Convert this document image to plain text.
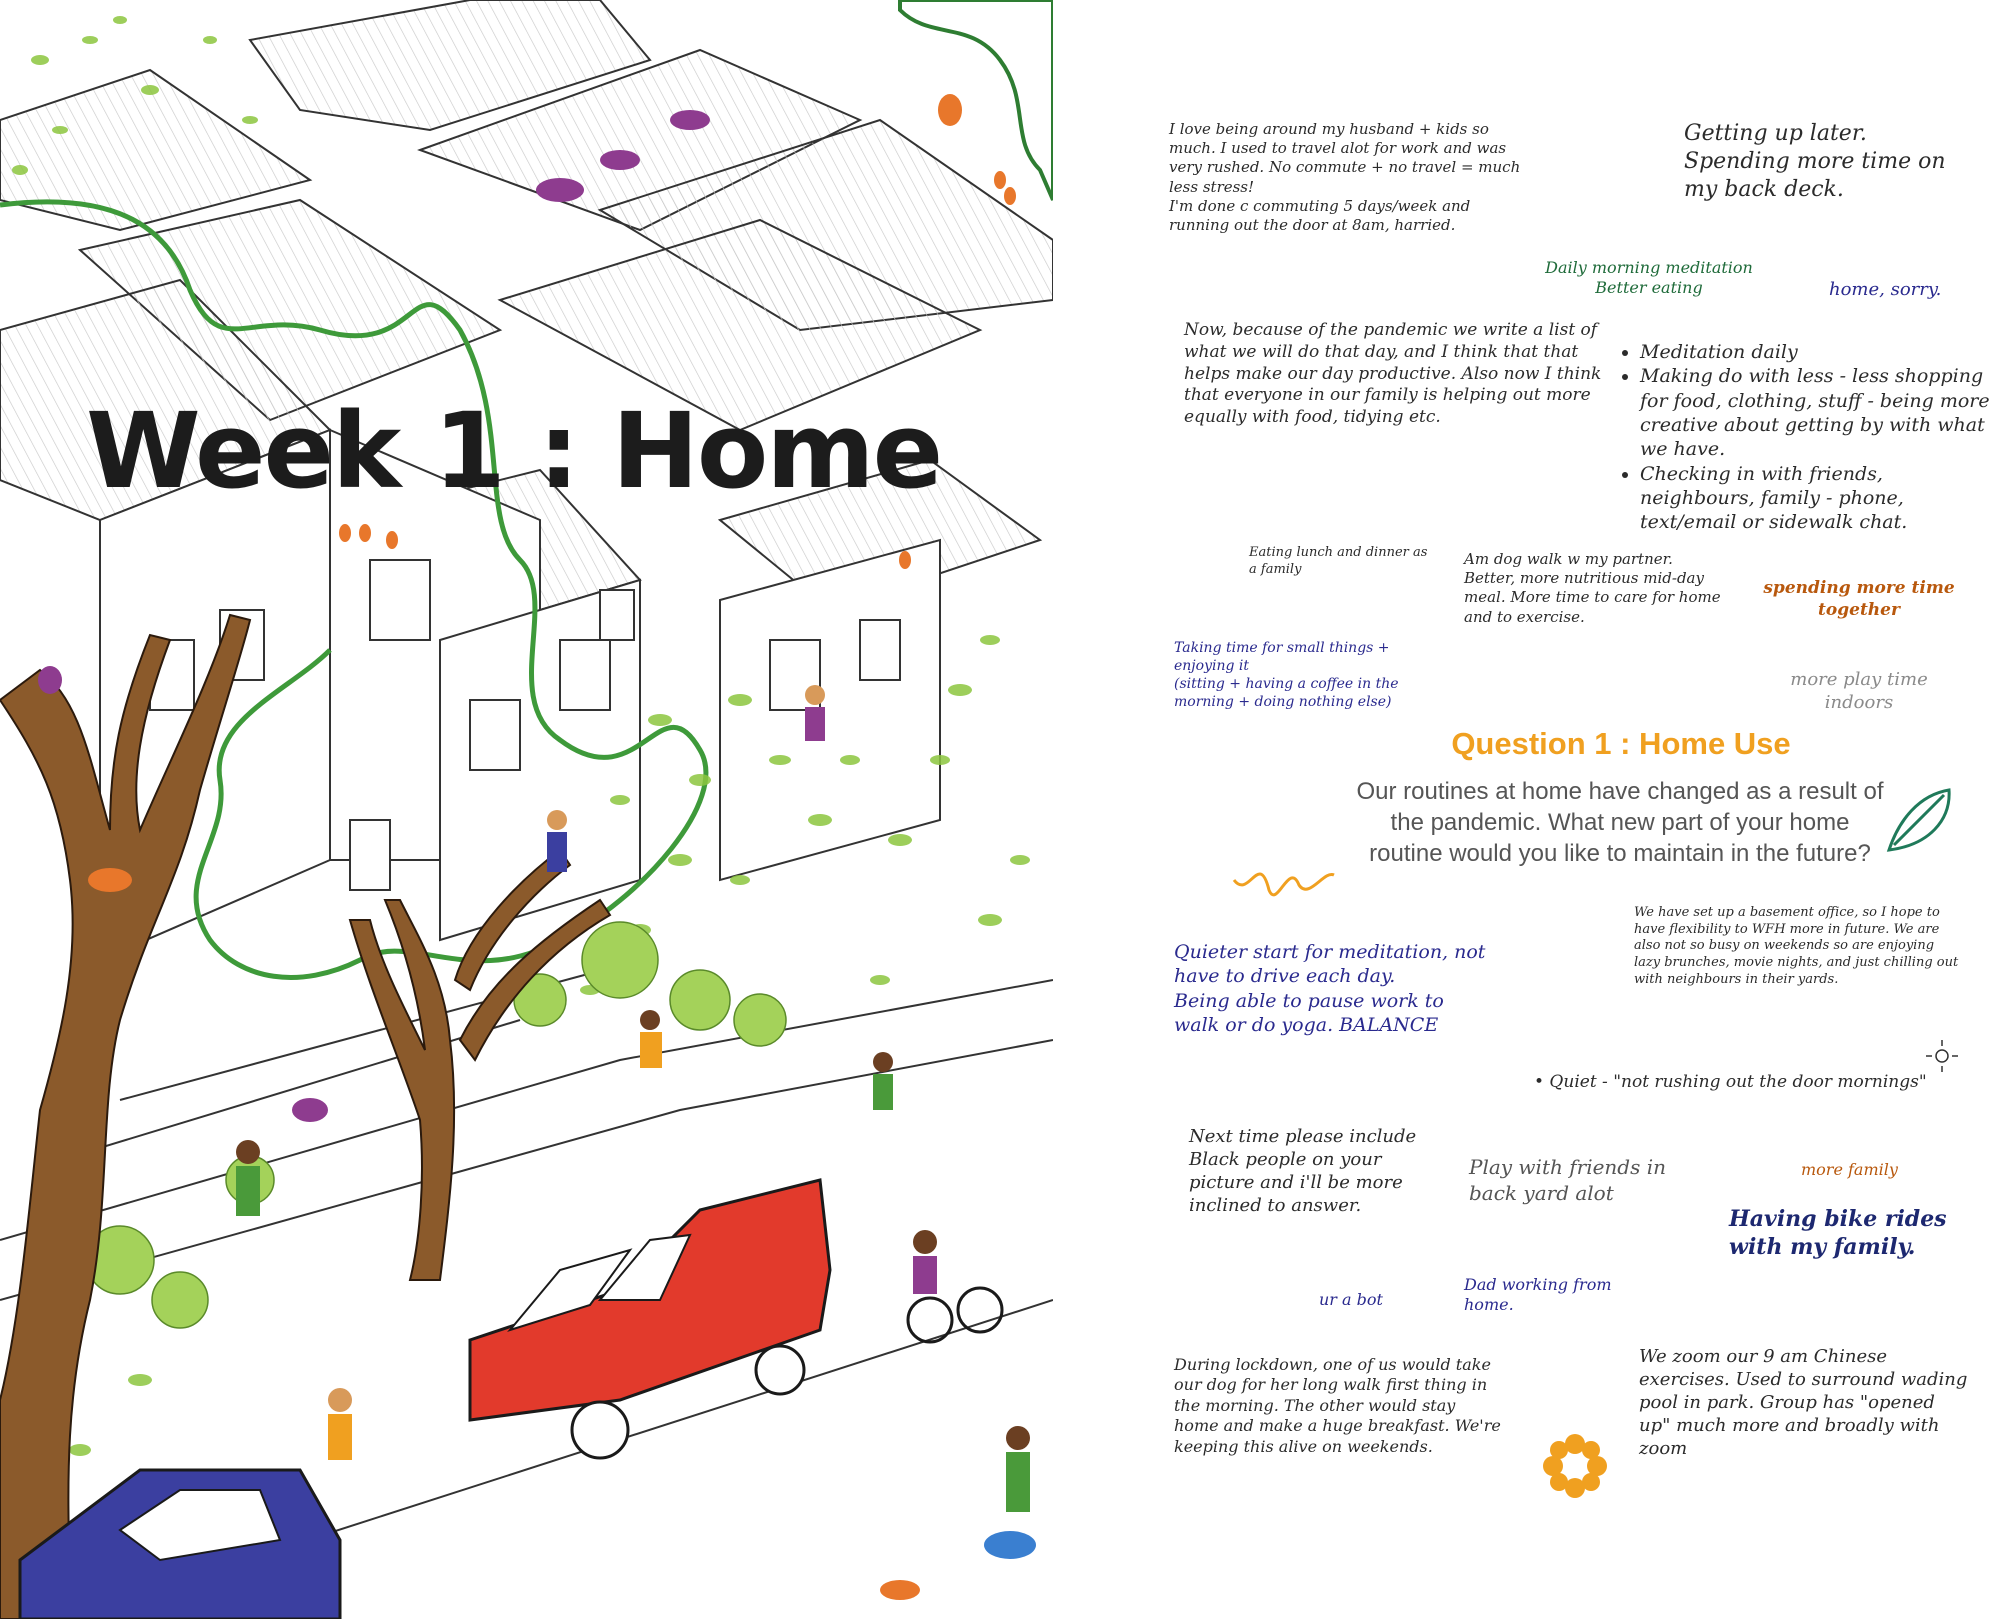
Week 1 : Home

I love being around my husband + kids so much. I used to travel alot for work and was very rushed. No commute + no travel = much less stress!
I'm done c commuting 5 days/week and running out the door at 8am, harried.

Getting up later.
Spending more time on my back deck.

Daily morning meditation
Better eating	home, sorry.

Now, because of the pandemic we write a list of what we will do that day, and I think that that helps make our day productive. Also now I think that everyone in our family is helping out more equally with food, tidying etc.

• Meditation daily
• Making do with less - less shopping for food, clothing, stuff - being more creative about getting by with what we have.
• Checking in with friends, neighbours, family - phone, text/email or sidewalk chat.

Eating lunch and dinner as a family

Am dog walk w my partner.
Better, more nutritious mid-day meal. More time to care for home and to exercise.

spending more time together

Taking time for small things + enjoying it
(sitting + having a coffee in the morning + doing nothing else)

more play time indoors

Question 1 : Home Use

Our routines at home have changed as a result of the pandemic. What new part of your home routine would you like to maintain in the future?

Quieter start for meditation, not have to drive each day.
Being able to pause work to walk or do yoga. BALANCE

We have set up a basement office, so I hope to have flexibility to WFH more in future. We are also not so busy on weekends so are enjoying lazy brunches, movie nights, and just chilling out with neighbours in their yards.

• Quiet - "not rushing out the door mornings"

Next time please include Black people on your picture and i'll be more inclined to answer.

Play with friends in back yard alot

more family

Having bike rides with my family.

ur a bot

Dad working from home.

During lockdown, one of us would take our dog for her long walk first thing in the morning. The other would stay home and make a huge breakfast. We're keeping this alive on weekends.

We zoom our 9 am Chinese exercises. Used to surround wading pool in park. Group has "opened up" much more and broadly with zoom
